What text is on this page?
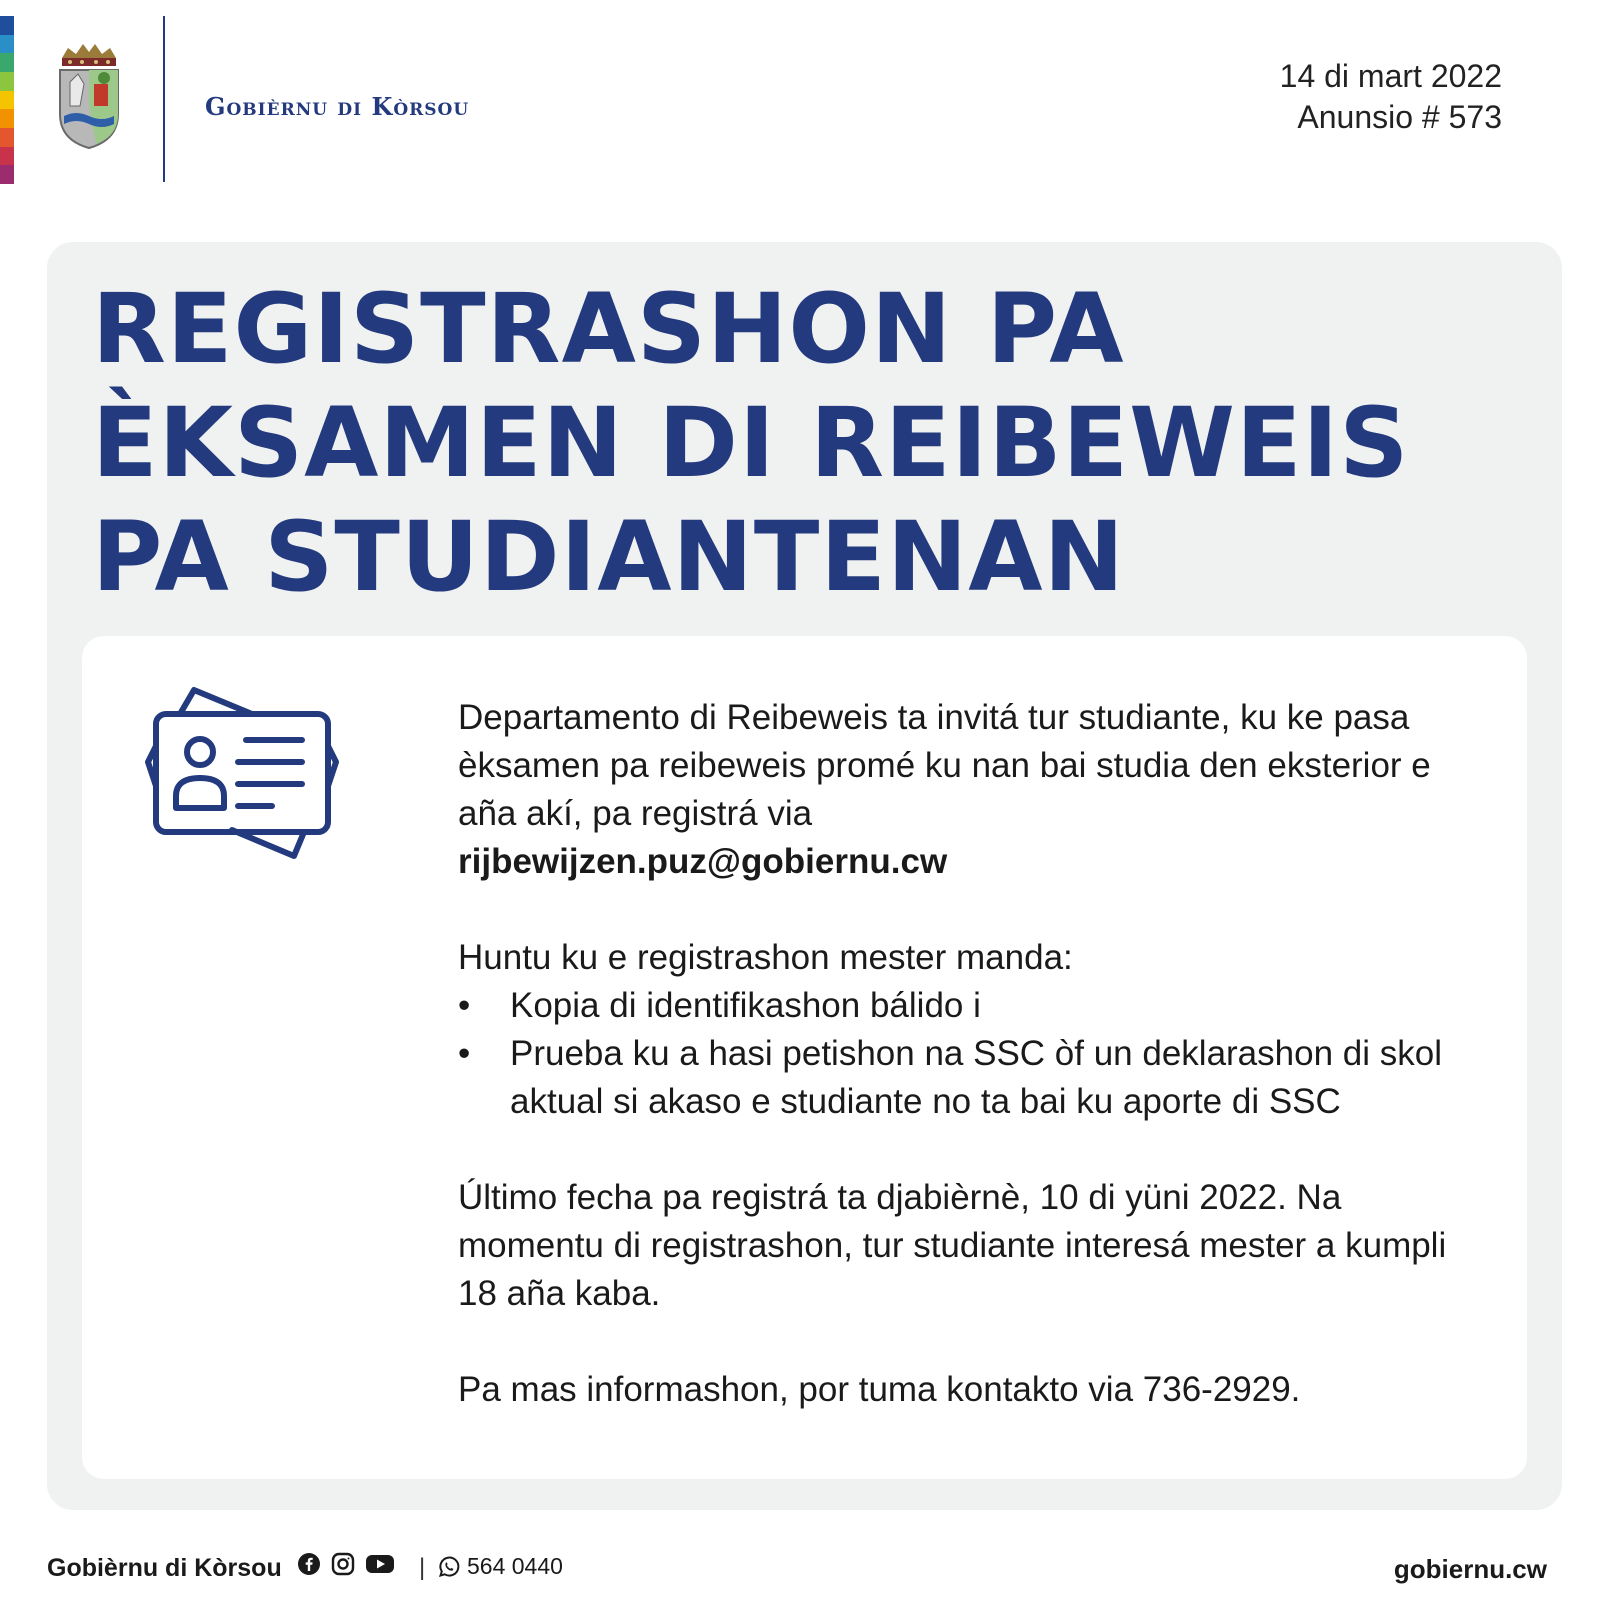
Gobièrnu di Kòrsou
14 di mart 2022
Anunsio # 573
REGISTRASHON PA
ÈKSAMEN DI REIBEWEIS
PA STUDIANTENAN

Departamento di Reibeweis ta invitá tur studiante, ku ke pasa èksamen pa reibeweis promé ku nan bai studia den eksterior e aña akí, pa registrá via

rijbewijzen.puz@gobiernu.cw

Huntu ku e registrashon mester manda:

• Kopia di identifikashon bálido i
• Prueba ku a hasi petishon na SSC òf un deklarashon di skol aktual si akaso e studiante no ta bai ku aporte di SSC

Último fecha pa registrá ta djabièrnè, 10 di yüni 2022. Na momentu di registrashon, tur studiante interesá mester a kumpli 18 aña kaba.

Pa mas informashon, por tuma kontakto via 736-2929.

Gobièrnu di Kòrsou	| 564 0440	gobiernu.cw
